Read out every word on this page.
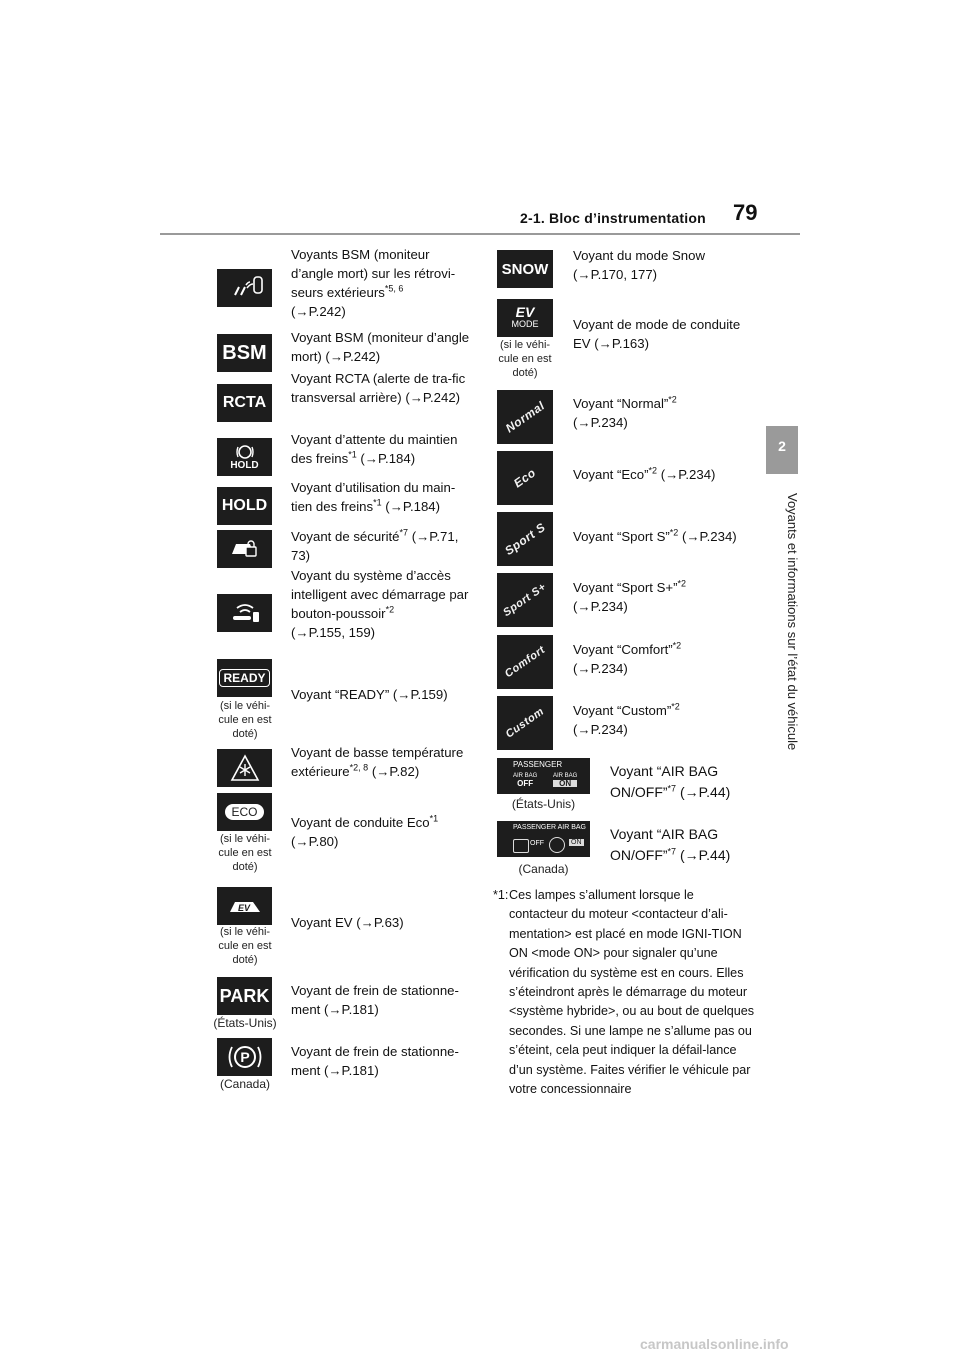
2-1. Bloc d’instrumentation 79
2
Voyants et informations sur l’état du véhicule
Voyants BSM (moniteur d’angle mort) sur les rétrovi-seurs extérieurs$^{*5, 6}$
(→P.242)
BSM
Voyant BSM (moniteur d’angle mort) (→P.242)
RCTA
Voyant RCTA (alerte de tra-fic transversal arrière) (→P.242)
HOLD
Voyant d’attente du maintien des freins$^{*1}$ (→P.184)
HOLD
Voyant d’utilisation du main-tien des freins$^{*1}$ (→P.184)
Voyant de sécurité$^{*7}$ (→P.71, 73)
Voyant du système d’accès intelligent avec démarrage par bouton-poussoir$^{*2}$
(→P.155, 159)
READY
(si le véhi-cule en est doté)
Voyant “READY” (→P.159)
Voyant de basse température extérieure$^{*2, 8}$ (→P.82)
ECO
(si le véhi-cule en est doté)
Voyant de conduite Eco$^{*1}$
(→P.80)
EV
(si le véhi-cule en est doté)
Voyant EV (→P.63)
PARK
(États-Unis)
Voyant de frein de stationne-ment (→P.181)
P
(Canada)
Voyant de frein de stationne-ment (→P.181)
SNOW
Voyant du mode Snow (→P.170, 177)
EV
MODE
(si le véhi-cule en est doté)
Voyant de mode de conduite EV (→P.163)
Normal Voyant “Normal”$^{*2}$
(→P.234)
Eco	Voyant “Eco”$^{*2}$ (→P.234)
Sport S Voyant “Sport S”$^{*2}$ (→P.234)
Sport S+ Voyant “Sport S+”$^{*2}$
(→P.234)
Comfort Voyant “Comfort”$^{*2}$
(→P.234)
Custom Voyant “Custom”$^{*2}$
(→P.234)
PASSENGER
AIR BAG
OFF
AIR BAG
ON
(États-Unis)
Voyant “AIR BAG ON/OFF”$^{*7}$ (→P.44)
PASSENGER AIR BAG
OFF	ON
(Canada)
Voyant “AIR BAG ON/OFF”$^{*7}$ (→P.44)
*1: Ces lampes s’allument lorsque le contacteur du moteur <contacteur d’ali-mentation> est placé en mode IGNI-TION ON <mode ON> pour signaler qu’une vérification du système est en cours. Elles s’éteindront après le démarrage du moteur <système hybride>, ou au bout de quelques secondes. Si une lampe ne s’allume pas ou s’éteint, cela peut indiquer la défail-lance d’un système. Faites vérifier le véhicule par votre concessionnaire
carmanualsonline.info
